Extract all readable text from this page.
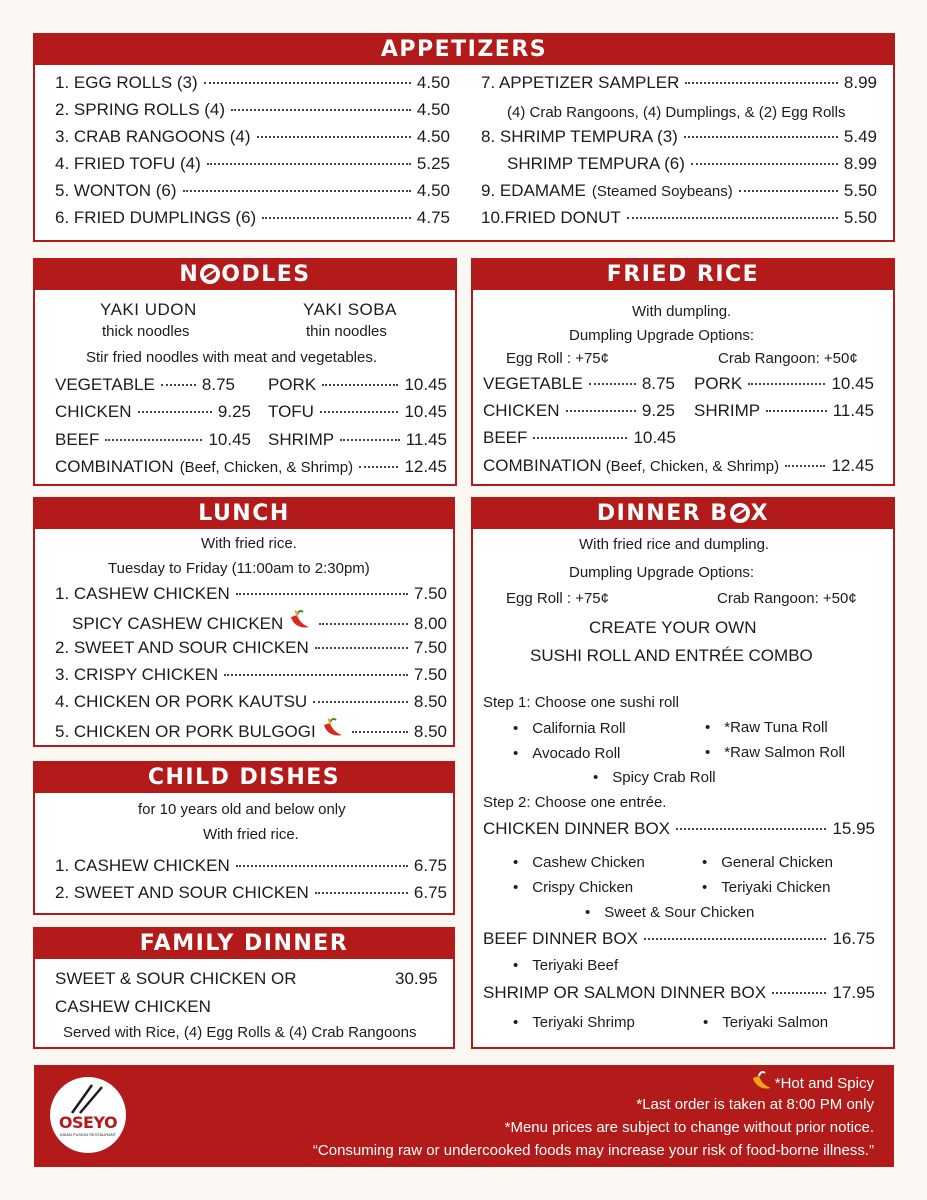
APPETIZERS
1. EGG ROLLS (3)	4.50
2. SPRING ROLLS (4)	4.50
3. CRAB RANGOONS (4)	4.50
4. FRIED TOFU (4)	5.25
5. WONTON (6)	4.50
6. FRIED DUMPLINGS (6)	4.75
7. APPETIZER SAMPLER	8.99
(4) Crab Rangoons, (4) Dumplings, & (2) Egg Rolls
8. SHRIMP TEMPURA (3)	5.49
SHRIMP TEMPURA (6)	8.99
9. EDAMAME (Steamed Soybeans)	5.50
10.FRIED DONUT	5.50
N ODLES
YAKI UDON
thick noodles
YAKI SOBA
thin noodles
Stir fried noodles with meat and vegetables.
VEGETABLE	8.75
CHICKEN	9.25
BEEF	10.45
PORK	10.45
TOFU	10.45
SHRIMP	11.45
COMBINATION (Beef, Chicken, & Shrimp)	12.45
FRIED RICE
With dumpling.
Dumpling Upgrade Options:
Egg Roll : +75¢	Crab Rangoon: +50¢
VEGETABLE	8.75
CHICKEN	9.25
BEEF	10.45
PORK	10.45
SHRIMP	11.45
COMBINATION (Beef, Chicken, & Shrimp)	12.45
LUNCH
With fried rice.
Tuesday to Friday (11:00am to 2:30pm)
1. CASHEW CHICKEN	7.50
SPICY CASHEW CHICKEN	8.00
2. SWEET AND SOUR CHICKEN	7.50
3. CRISPY CHICKEN	7.50
4. CHICKEN OR PORK KAUTSU	8.50
5. CHICKEN OR PORK BULGOGI	8.50
CHILD DISHES
for 10 years old and below only
With fried rice.
1. CASHEW CHICKEN	6.75
2. SWEET AND SOUR CHICKEN	6.75
FAMILY DINNER
SWEET & SOUR CHICKEN OR
CASHEW CHICKEN
30.95
Served with Rice, (4) Egg Rolls & (4) Crab Rangoons
DINNER B X
With fried rice and dumpling.
Dumpling Upgrade Options:
Egg Roll : +75¢	Crab Rangoon: +50¢
CREATE YOUR OWN
SUSHI ROLL AND ENTRÉE COMBO
Step 1: Choose one sushi roll
• California Roll	• *Raw Tuna Roll
• Avocado Roll	• *Raw Salmon Roll
• Spicy Crab Roll
Step 2: Choose one entrée.
CHICKEN DINNER BOX	15.95
• Cashew Chicken	• General Chicken
• Crispy Chicken	• Teriyaki Chicken
• Sweet & Sour Chicken
BEEF DINNER BOX	16.75
• Teriyaki Beef
SHRIMP OR SALMON DINNER BOX	17.95
• Teriyaki Shrimp	• Teriyaki Salmon
OSEYO
ASIAN FUSION RESTAURANT
*Hot and Spicy
*Last order is taken at 8:00 PM only
*Menu prices are subject to change without prior notice.
“Consuming raw or undercooked foods may increase your risk of food-borne illness.”
